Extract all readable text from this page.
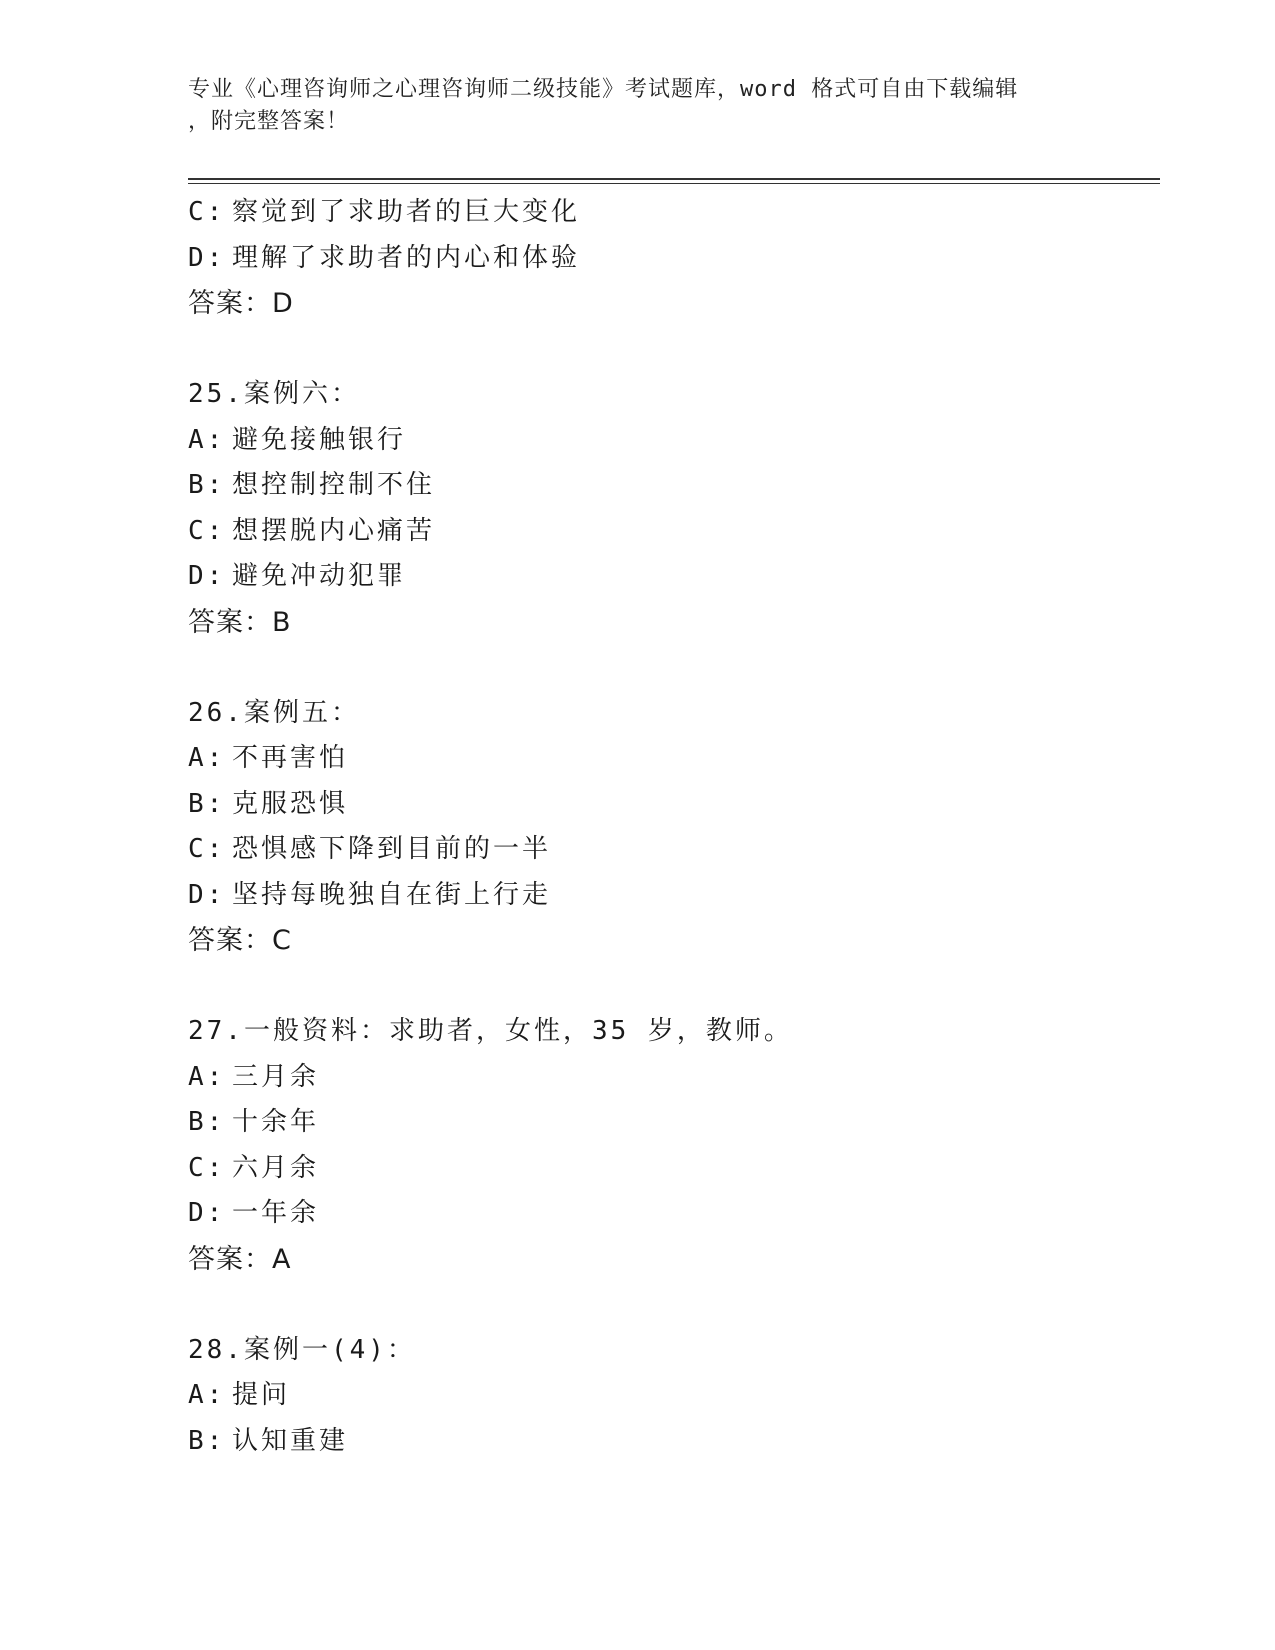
专业《心理咨询师之心理咨询师二级技能》考试题库，word 格式可自由下载编辑
，附完整答案！
C: 察觉到了求助者的巨大变化
D: 理解了求助者的内心和体验
答案：D
25.案例六：
A: 避免接触银行
B: 想控制控制不住
C: 想摆脱内心痛苦
D: 避免冲动犯罪
答案：B
26.案例五：
A: 不再害怕
B: 克服恐惧
C: 恐惧感下降到目前的一半
D: 坚持每晚独自在街上行走
答案：C
27.一般资料：求助者，女性，35 岁，教师。
A: 三月余
B: 十余年
C: 六月余
D: 一年余
答案：A
28.案例一(4)：
A: 提问
B: 认知重建
